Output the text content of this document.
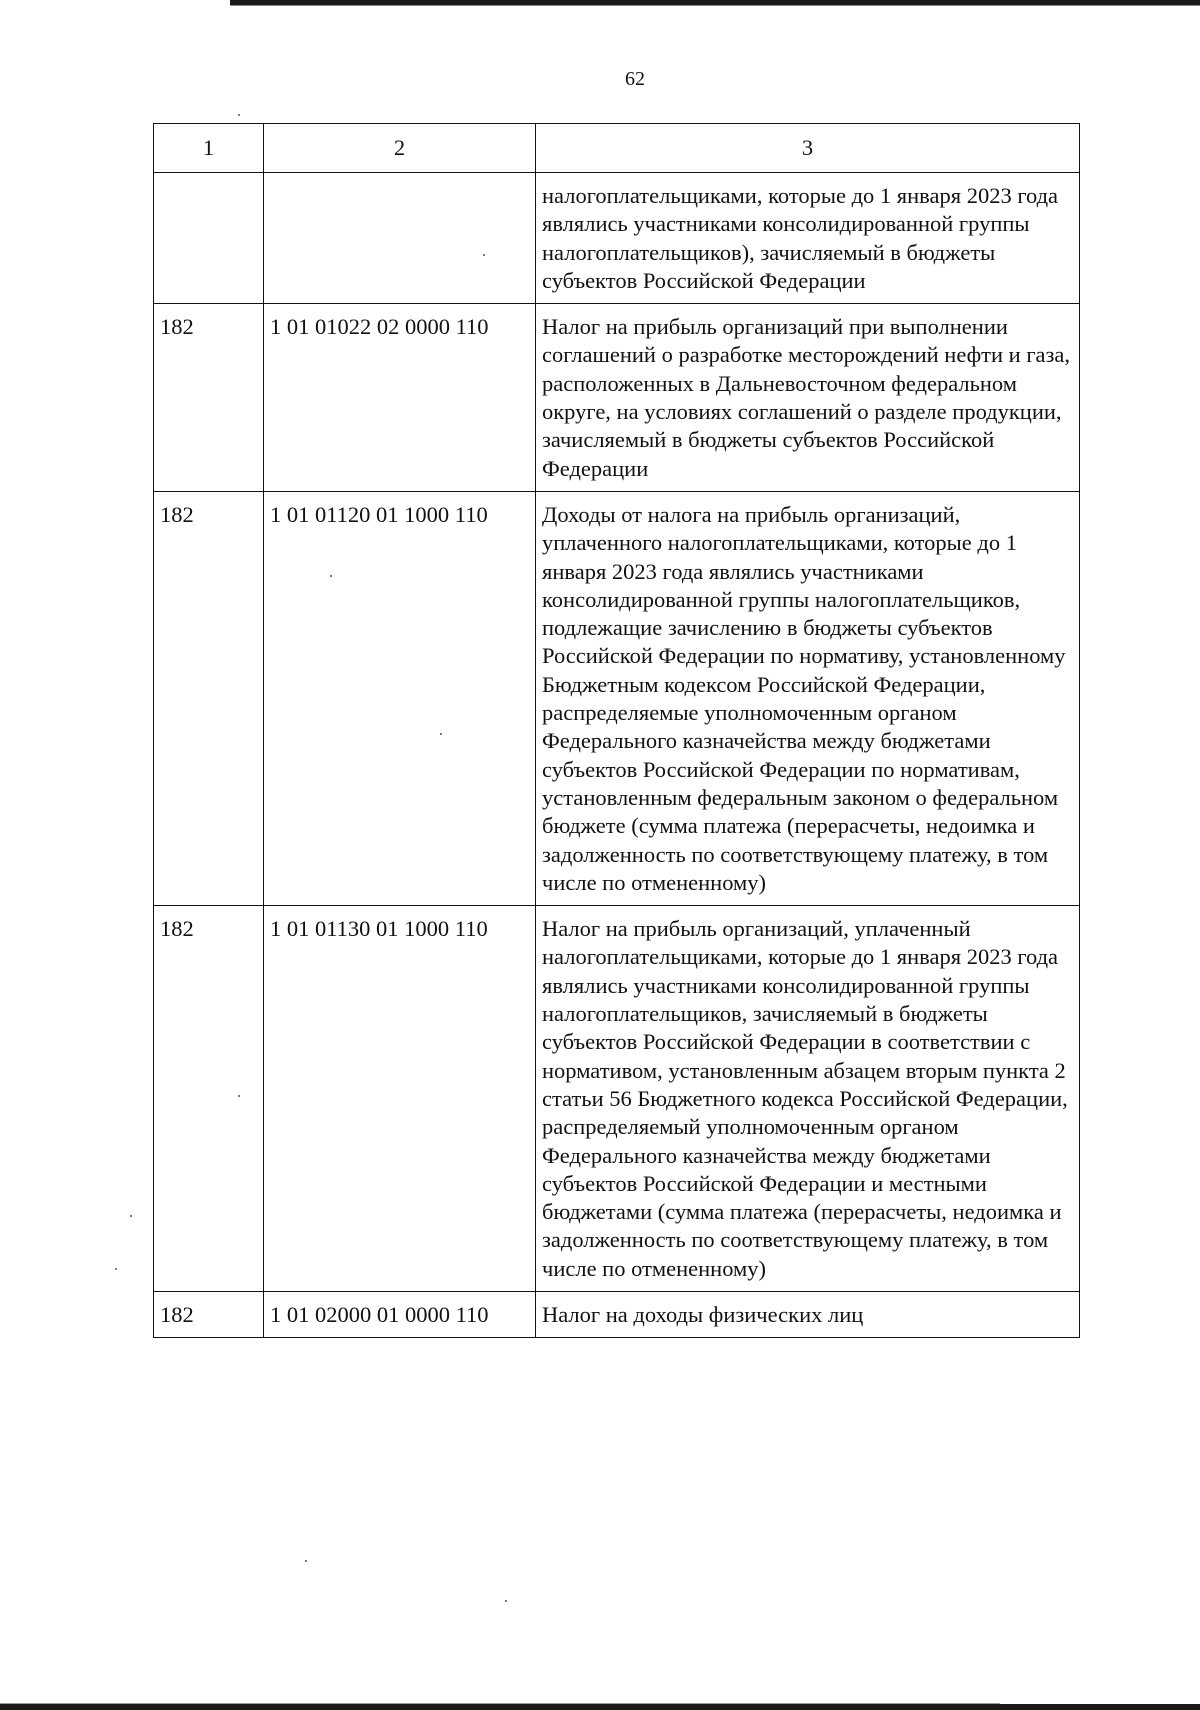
62
1	2	3
		налогоплательщиками, которые до 1 января 2023 года являлись участниками консолидированной группы налогоплательщиков), зачисляемый в бюджеты субъектов Российской Федерации
182	1 01 01022 02 0000 110	Налог на прибыль организаций при выполнении соглашений о разработке месторождений нефти и газа, расположенных в Дальневосточном федеральном округе, на условиях соглашений о разделе продукции, зачисляемый в бюджеты субъектов Российской Федерации
182	1 01 01120 01 1000 110	Доходы от налога на прибыль организаций, уплаченного налогоплательщиками, которые до 1 января 2023 года являлись участниками консолидированной группы налогоплательщиков, подлежащие зачислению в бюджеты субъектов Российской Федерации по нормативу, установленному Бюджетным кодексом Российской Федерации, распределяемые уполномоченным органом Федерального казначейства между бюджетами субъектов Российской Федерации по нормативам, установленным федеральным законом о федеральном бюджете (сумма платежа (перерасчеты, недоимка и задолженность по соответствующему платежу, в том числе по отмененному)
182	1 01 01130 01 1000 110	Налог на прибыль организаций, уплаченный налогоплательщиками, которые до 1 января 2023 года являлись участниками консолидированной группы налогоплательщиков, зачисляемый в бюджеты субъектов Российской Федерации в соответствии с нормативом, установленным абзацем вторым пункта 2 статьи 56 Бюджетного кодекса Российской Федерации, распределяемый уполномоченным органом Федерального казначейства между бюджетами субъектов Российской Федерации и местными бюджетами (сумма платежа (перерасчеты, недоимка и задолженность по соответствующему платежу, в том числе по отмененному)
182	1 01 02000 01 0000 110	Налог на доходы физических лиц
